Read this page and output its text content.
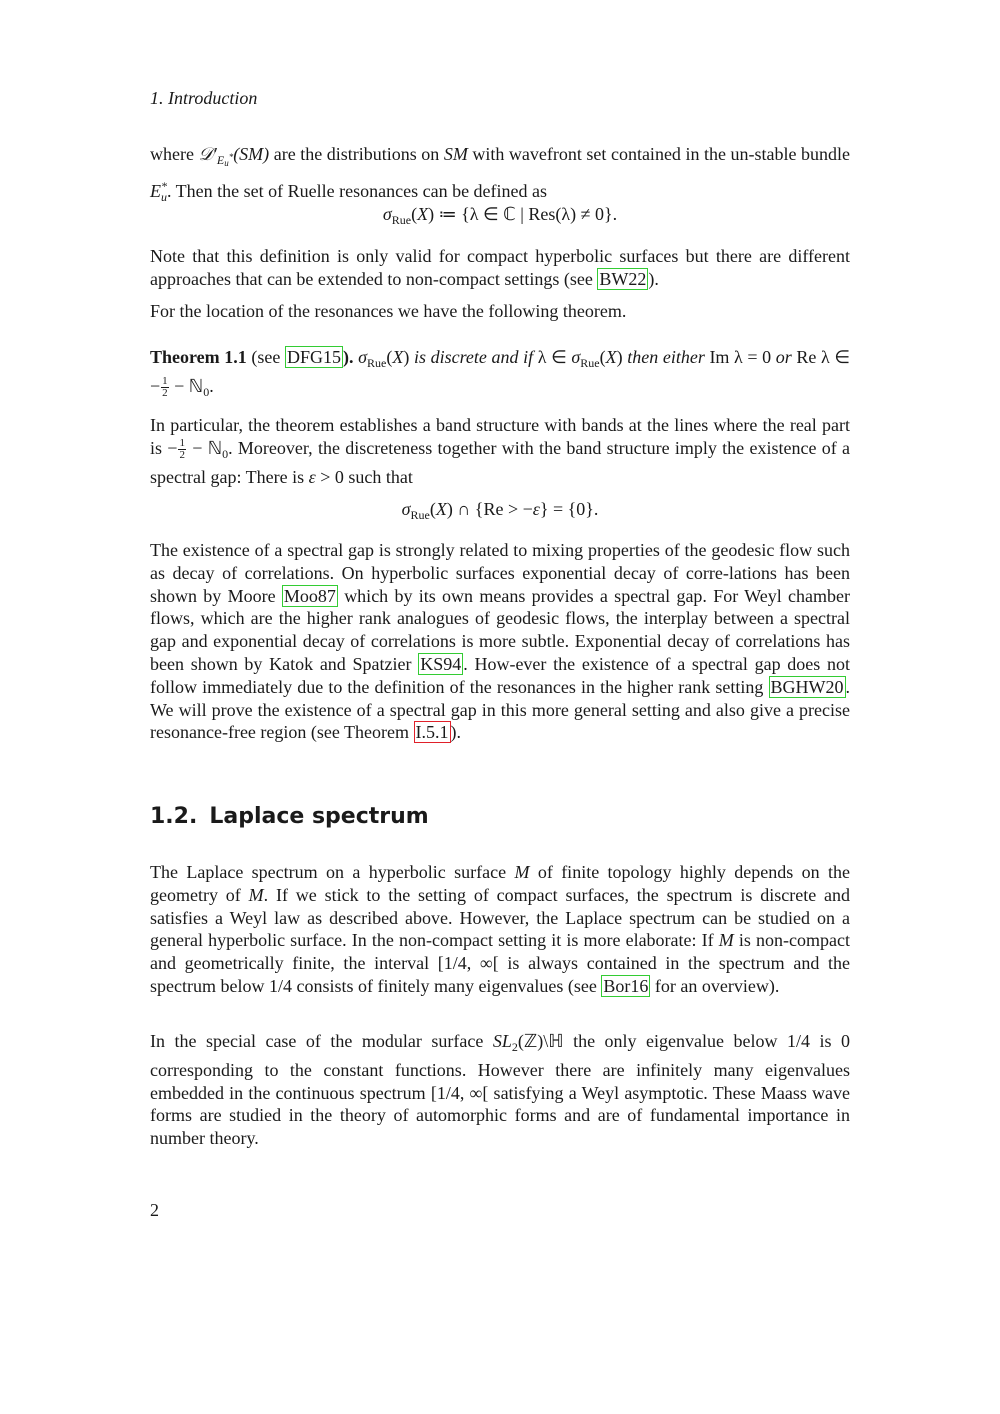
1. Introduction

where $𝒟'_{Eu^*}(SM)$ are the distributions on SM with wavefront set contained in the un-stable bundle $E_u^*$. Then the set of Ruelle resonances can be defined as

$\sigma_{Rue}(X)$ ≔ {λ ∈ ℂ | Res(λ) ≠ 0}.

Note that this definition is only valid for compact hyperbolic surfaces but there are different approaches that can be extended to non-compact settings (see BW22 ).

For the location of the resonances we have the following theorem.

Theorem 1.1 (see DFG15 ). $\sigma_{Rue}(X)$ is discrete and if λ ∈ $\sigma_{Rue}(X)$ then either Im λ = 0 or Re λ ∈ − $\frac{1}{2}$ − ℕ$_0$.

In particular, the theorem establishes a band structure with bands at the lines where the real part is − $\frac{1}{2}$ − ℕ$_0$. Moreover, the discreteness together with the band structure imply the existence of a spectral gap: There is ε > 0 such that

$\sigma_{Rue}(X)$ ∩ {Re > −ε} = {0}.

The existence of a spectral gap is strongly related to mixing properties of the geodesic flow such as decay of correlations. On hyperbolic surfaces exponential decay of corre-lations has been shown by Moore Moo87 which by its own means provides a spectral gap. For Weyl chamber flows, which are the higher rank analogues of geodesic flows, the interplay between a spectral gap and exponential decay of correlations is more subtle. Exponential decay of correlations has been shown by Katok and Spatzier KS94 . How-ever the existence of a spectral gap does not follow immediately due to the definition of the resonances in the higher rank setting BGHW20 . We will prove the existence of a spectral gap in this more general setting and also give a precise resonance-free region (see Theorem I.5.1 ).

1.2. Laplace spectrum

The Laplace spectrum on a hyperbolic surface M of finite topology highly depends on the geometry of M. If we stick to the setting of compact surfaces, the spectrum is discrete and satisfies a Weyl law as described above. However, the Laplace spectrum can be studied on a general hyperbolic surface. In the non-compact setting it is more elaborate: If M is non-compact and geometrically finite, the interval [1/4, ∞[ is always contained in the spectrum and the spectrum below 1/4 consists of finitely many eigenvalues (see Bor16 for an overview).

In the special case of the modular surface $SL_2(ℤ)\backslash ℍ$ the only eigenvalue below 1/4 is 0 corresponding to the constant functions. However there are infinitely many eigenvalues embedded in the continuous spectrum [1/4, ∞[ satisfying a Weyl asymptotic. These Maass wave forms are studied in the theory of automorphic forms and are of fundamental importance in number theory.

2
